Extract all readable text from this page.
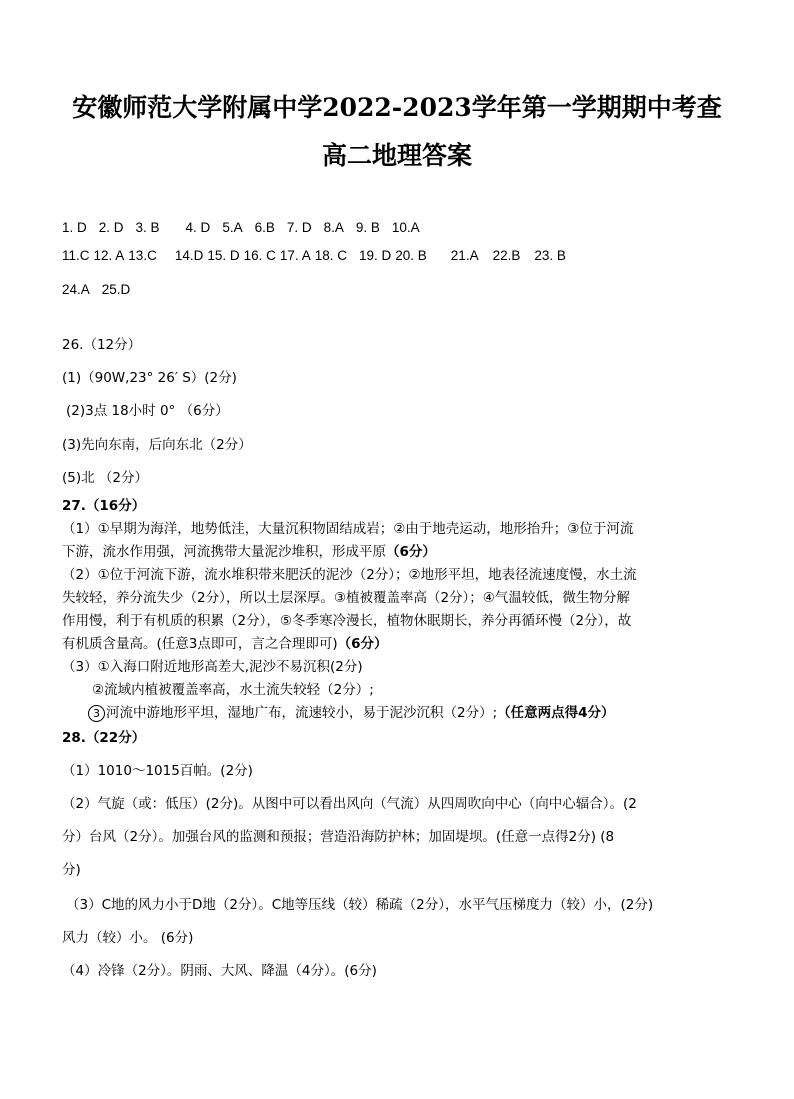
安徽师范大学附属中学2022-2023学年第一学期期中考查
高二地理答案
1. D 2. D 3. B 4. D 5.A 6.B 7. D 8.A 9. B 10.A
11.C 12. A 13.C 14.D 15. D 16. C 17. A 18. C 19. D 20. B 21.A 22.B 23. B
24.A 25.D
26.（12分）
(1)（90W,23° 26′ S）(2分)
(2)3点 18小时 0° （6分）
(3)先向东南，后向东北（2分）
(5)北 （2分）
27.（16分）
（1）①早期为海洋，地势低洼，大量沉积物固结成岩；②由于地壳运动，地形抬升；③位于河流
下游，流水作用强，河流携带大量泥沙堆积，形成平原（6分）
（2）①位于河流下游，流水堆积带来肥沃的泥沙（2分）；②地形平坦，地表径流速度慢，水土流
失较轻，养分流失少（2分），所以土层深厚。③植被覆盖率高（2分）；④气温较低，微生物分解
作用慢，利于有机质的积累（2分），⑤冬季寒冷漫长，植物休眠期长，养分再循环慢（2分），故
有机质含量高。(任意3点即可，言之合理即可)（6分）
（3）①入海口附近地形高差大,泥沙不易沉积(2分)
②流域内植被覆盖率高，水土流失较轻（2分）;
3 河流中游地形平坦，湿地广布，流速较小，易于泥沙沉积（2分）;（任意两点得4分）
28.（22分）
（1）1010～1015百帕。(2分)
（2）气旋（或：低压）(2分)。从图中可以看出风向（气流）从四周吹向中心（向中心辐合）。(2
分）台风（2分）。加强台风的监测和预报；营造沿海防护林；加固堤坝。(任意一点得2分) (8
分)
（3）C地的风力小于D地（2分）。C地等压线（较）稀疏（2分），水平气压梯度力（较）小，(2分)
风力（较）小。 (6分)
（4）冷锋（2分）。阴雨、大风、降温（4分）。(6分)
